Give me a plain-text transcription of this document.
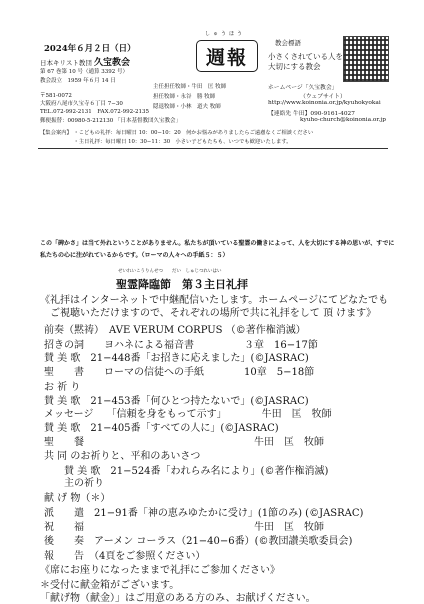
2024年６月２日（日）
日本キリスト教団 久宝教会
第 67 巻第 10 号（通算 3392 号）
教会設立　1959 年６月 14 日
〒581-0072
大阪府八尾市久宝寺６丁目 7−30
TEL.072-992-2131　FAX.072-992-2135
郵便振替：00980-5-212130 「日本基督教団久宝教会」
しゅうほう
週報
主任担任牧師・牛田　匡 牧師
担任牧師・永谷　勝 牧師
隠退牧師・小林　道夫 牧師
教会標語
小さくされている人を大切にする教会
ホームページ「久宝教会」
（ウェブサイト）
http://www.koinonia.or.jp/kyuhokyokai
【連絡先 牛田】090-9161-4027
kyuho-church@koinonia.or.jp
【集会案内】 ・こどもの礼拝：毎日曜日 10：00−10：20　何かお悩みがありましたらご遠慮なくご相談ください
　　　　　　 ・主日礼拝：毎日曜日 10：30−11：30　小さい子どもたちも、いつでも歓迎いたします。
この「碑かさ」は当て外れということがありません。私たちが頂いている聖霊の働きによって、人を大切にする神の思いが、すでに私たちの心に注がれているからです。（ローマの人々への手紙５：５）
せいれいこうりんせつ　　だい　しゅじつれいはい
聖霊降臨節　第３主日礼拝
《礼拝はインターネットで中継配信いたします。ホームページにてどなたでも
　ご視聴いただけますので、それぞれの場所で共に礼拝をして 頂 けます》
前奏（黙祷）　AVE VERUM CORPUS （©著作権消滅）
招きの詞　　ヨハネによる福音書　　　　　３章　16−17節
賛 美 歌　21−448番「お招きに応えました」(©JASRAC)
聖　　書　　ローマの信徒への手紙　　　　10章　5−18節
お 祈 り
賛 美 歌　21−453番「何ひとつ持たないで」(©JASRAC)
メッセージ　 「信頼を身をもって示す」　　　　牛田　匡　牧師
賛 美 歌　21−405番「すべての人に」(©JASRAC)
聖　　餐　　　　　　　　　　　　　　　　　牛田　匡　牧師
共 同 のお祈りと、平和のあいさつ
　　賛 美 歌　21−524番「われらみ名により」(©著作権消滅)
　　主の祈り
献 げ 物（＊）
派　　遣　21−91番「神の恵みゆたかに受け」(1節のみ) (©JASRAC)
祝　　福　　　　　　　　　　　　　　　　　牛田　匡　牧師
後　　奏　アーメン コーラス（21−40−6番）(©教団讃美歌委員会)
報　　告　（4頁をご参照ください）
《席にお座りになったままで礼拝にご参加ください》
＊受付に献金箱がございます。
「献げ物（献金）」はご用意のある方のみ、お献げください。
